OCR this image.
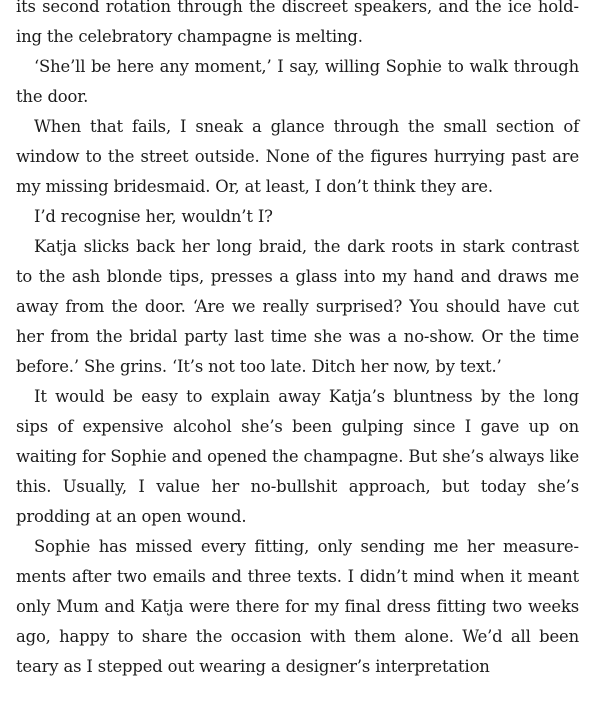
its second rotation through the discreet speakers, and the ice holding the celebratory champagne is melting.

‘She’ll be here any moment,’ I say, willing Sophie to walk through the door.

When that fails, I sneak a glance through the small section of window to the street outside. None of the figures hurrying past are my missing bridesmaid. Or, at least, I don’t think they are.

I’d recognise her, wouldn’t I?

Katja slicks back her long braid, the dark roots in stark contrast to the ash blonde tips, presses a glass into my hand and draws me away from the door. ‘Are we really surprised? You should have cut her from the bridal party last time she was a no-show. Or the time before.’ She grins. ‘It’s not too late. Ditch her now, by text.’

It would be easy to explain away Katja’s bluntness by the long sips of expensive alcohol she’s been gulping since I gave up on waiting for Sophie and opened the champagne. But she’s always like this. Usually, I value her no-bullshit approach, but today she’s prodding at an open wound.

Sophie has missed every fitting, only sending me her measurements after two emails and three texts. I didn’t mind when it meant only Mum and Katja were there for my final dress fitting two weeks ago, happy to share the occasion with them alone. We’d all been teary as I stepped out wearing a designer’s interpretation
